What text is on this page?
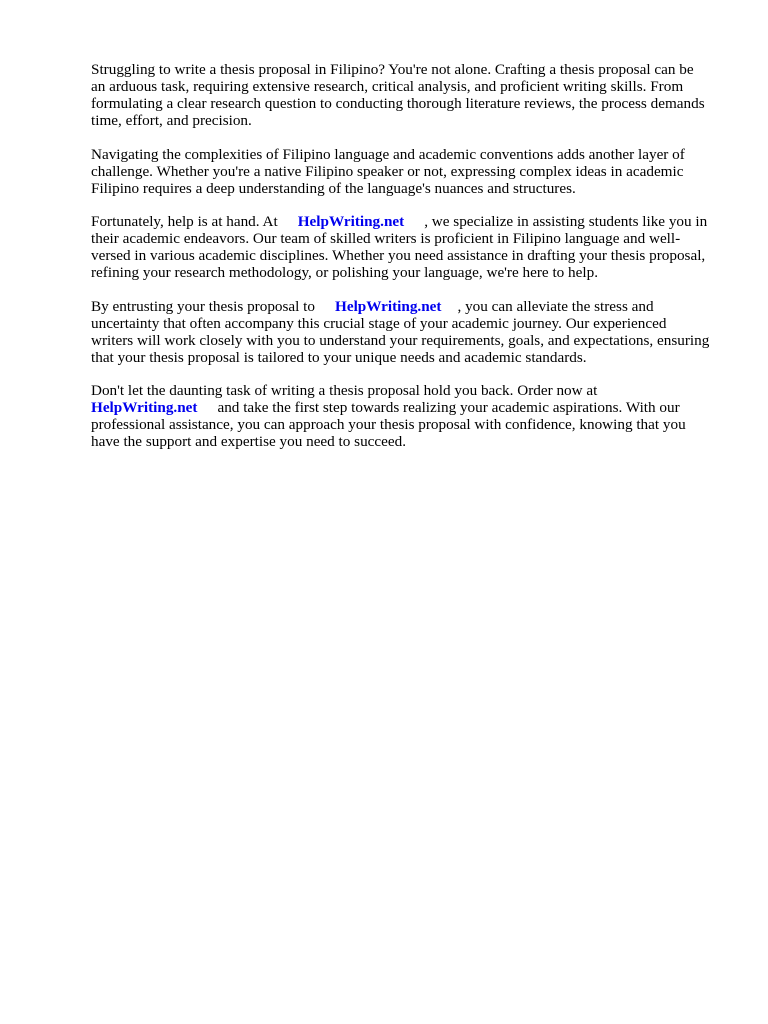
Struggling to write a thesis proposal in Filipino? You're not alone. Crafting a thesis proposal can be
an arduous task, requiring extensive research, critical analysis, and proficient writing skills. From
formulating a clear research question to conducting thorough literature reviews, the process demands
time, effort, and precision.
Navigating the complexities of Filipino language and academic conventions adds another layer of
challenge. Whether you're a native Filipino speaker or not, expressing complex ideas in academic
Filipino requires a deep understanding of the language's nuances and structures.
Fortunately, help is at hand. At HelpWriting.net , we specialize in assisting students like you in
their academic endeavors. Our team of skilled writers is proficient in Filipino language and well-
versed in various academic disciplines. Whether you need assistance in drafting your thesis proposal,
refining your research methodology, or polishing your language, we're here to help.
By entrusting your thesis proposal to HelpWriting.net , you can alleviate the stress and
uncertainty that often accompany this crucial stage of your academic journey. Our experienced
writers will work closely with you to understand your requirements, goals, and expectations, ensuring
that your thesis proposal is tailored to your unique needs and academic standards.
Don't let the daunting task of writing a thesis proposal hold you back. Order now at
HelpWriting.net and take the first step towards realizing your academic aspirations. With our
professional assistance, you can approach your thesis proposal with confidence, knowing that you
have the support and expertise you need to succeed.
